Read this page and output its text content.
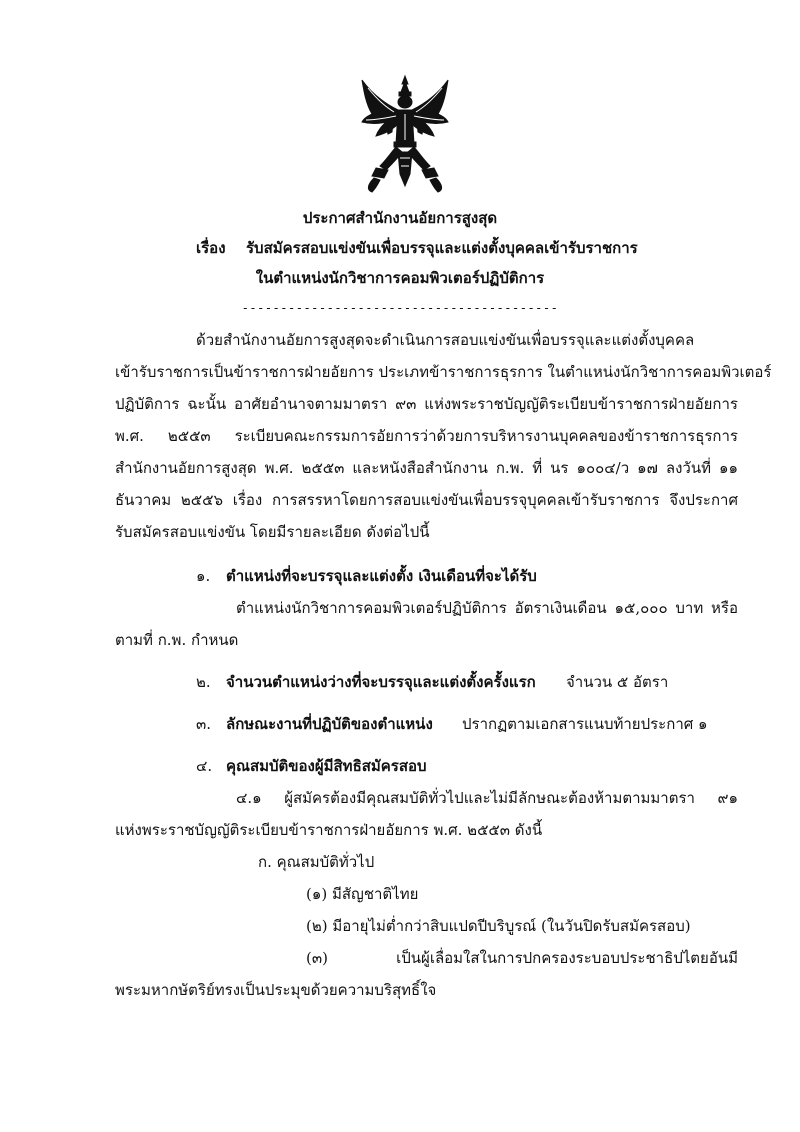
ประกาศสำนักงานอัยการสูงสุด
เรื่อง รับสมัครสอบแข่งขันเพื่อบรรจุและแต่งตั้งบุคคลเข้ารับราชการ
ในตำแหน่งนักวิชาการคอมพิวเตอร์ปฏิบัติการ
-----------------------------------------
ด้วยสำนักงานอัยการสูงสุดจะดำเนินการสอบแข่งขันเพื่อบรรจุและแต่งตั้งบุคคล
เข้ารับราชการเป็นข้าราชการฝ่ายอัยการ ประเภทข้าราชการธุรการ ในตำแหน่งนักวิชาการคอมพิวเตอร์
ปฏิบัติการ ฉะนั้น อาศัยอำนาจตามมาตรา ๙๓ แห่งพระราชบัญญัติระเบียบข้าราชการฝ่ายอัยการ
พ.ศ. ๒๕๕๓ ระเบียบคณะกรรมการอัยการว่าด้วยการบริหารงานบุคคลของข้าราชการธุรการ
สำนักงานอัยการสูงสุด พ.ศ. ๒๕๕๓ และหนังสือสำนักงาน ก.พ. ที่ นร ๑๐๐๔/ว ๑๗ ลงวันที่ ๑๑
ธันวาคม ๒๕๕๖ เรื่อง การสรรหาโดยการสอบแข่งขันเพื่อบรรจุบุคคลเข้ารับราชการ จึงประกาศ
รับสมัครสอบแข่งขัน โดยมีรายละเอียด ดังต่อไปนี้
๑. ตำแหน่งที่จะบรรจุและแต่งตั้ง เงินเดือนที่จะได้รับ
ตำแหน่งนักวิชาการคอมพิวเตอร์ปฏิบัติการ อัตราเงินเดือน ๑๕,๐๐๐ บาท หรือ
ตามที่ ก.พ. กำหนด
๒. จำนวนตำแหน่งว่างที่จะบรรจุและแต่งตั้งครั้งแรก จำนวน ๕ อัตรา
๓. ลักษณะงานที่ปฏิบัติของตำแหน่ง ปรากฏตามเอกสารแนบท้ายประกาศ ๑
๔. คุณสมบัติของผู้มีสิทธิสมัครสอบ
๔.๑ ผู้สมัครต้องมีคุณสมบัติทั่วไปและไม่มีลักษณะต้องห้ามตามมาตรา ๙๑
แห่งพระราชบัญญัติระเบียบข้าราชการฝ่ายอัยการ พ.ศ. ๒๕๕๓ ดังนี้
ก. คุณสมบัติทั่วไป
(๑) มีสัญชาติไทย
(๒) มีอายุไม่ต่ำกว่าสิบแปดปีบริบูรณ์ (ในวันปิดรับสมัครสอบ)
(๓) เป็นผู้เลื่อมใสในการปกครองระบอบประชาธิปไตยอันมี
พระมหากษัตริย์ทรงเป็นประมุขด้วยความบริสุทธิ์ใจ
